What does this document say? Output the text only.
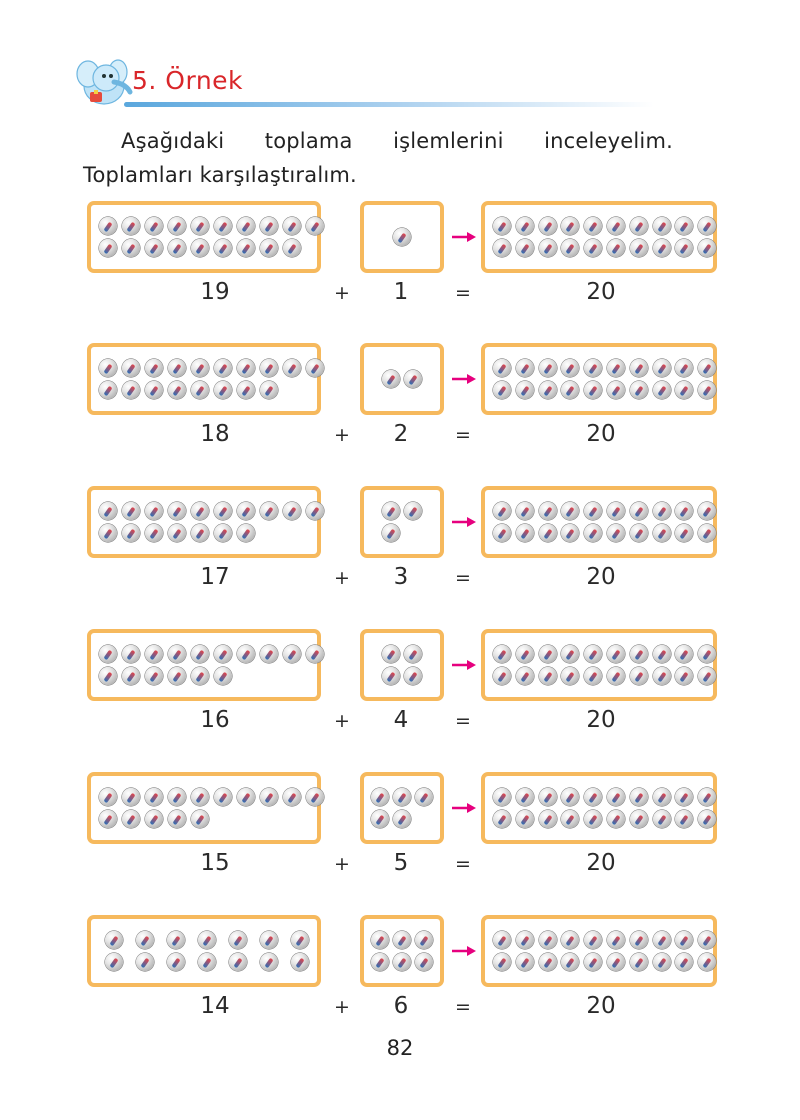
5. Örnek
Aşağıdaki toplama işlemlerini inceleyelim. Toplamları karşılaştıralım.
19	+ 1 =	20
18	+ 2 =	20
17	+ 3 =	20
16	+ 4 =	20
15	+ 5 =	20
14	+ 6 =	20
82
